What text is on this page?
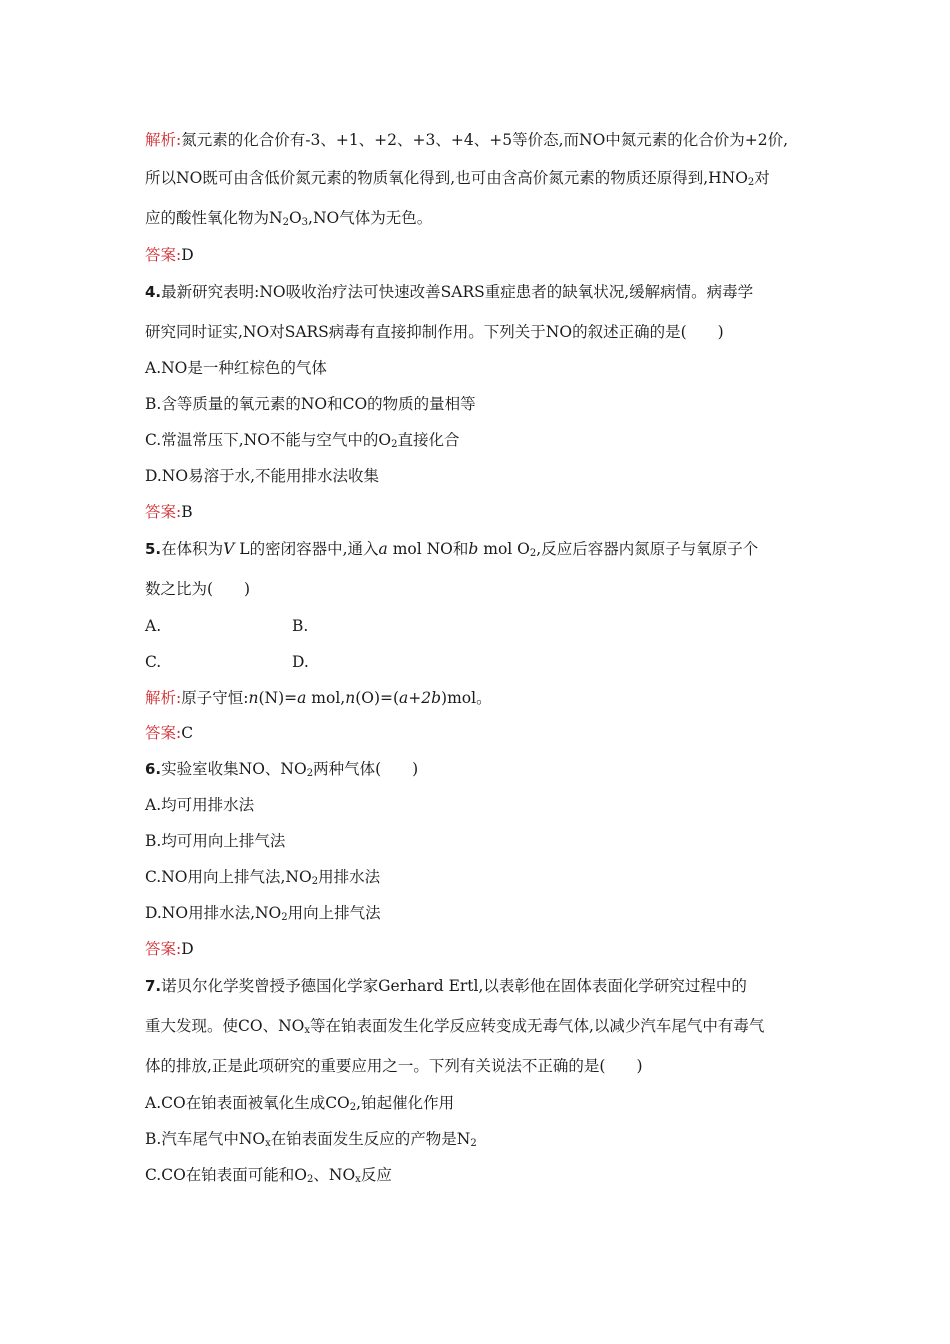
解析:氮元素的化合价有-3、+1、+2、+3、+4、+5等价态,而NO中氮元素的化合价为+2价,
所以NO既可由含低价氮元素的物质氧化得到,也可由含高价氮元素的物质还原得到$,HNO_2$对
应的酸性氧化物为$N_2O_3,NO$气体为无色。
答案:D
4.最新研究表明:NO吸收治疗法可快速改善SARS重症患者的缺氧状况,缓解病情。病毒学
研究同时证实,NO对SARS病毒有直接抑制作用。下列关于NO的叙述正确的是(　　)
A.NO是一种红棕色的气体
B.含等质量的氧元素的NO和CO的物质的量相等
C.常温常压下,NO不能与空气中的$O_2$直接化合
D.NO易溶于水,不能用排水法收集
答案:B
5.在体积为V L的密闭容器中,通入a mol NO和b mol $O_2$,反应后容器内氮原子与氧原子个
数之比为(　　)
A.	B.
C.	D.
解析:原子守恒:n(N)=a mol,n(O)=(a+2b)mol。
答案:C
6.实验室收集NO、$NO_2$两种气体(　　)
A.均可用排水法
B.均可用向上排气法
C.NO用向上排气法$,NO_2$用排水法
D.NO用排水法$,NO_2$用向上排气法
答案:D
7.诺贝尔化学奖曾授予德国化学家Gerhard Ertl,以表彰他在固体表面化学研究过程中的
重大发现。使CO、$NO_x$等在铂表面发生化学反应转变成无毒气体,以减少汽车尾气中有毒气
体的排放,正是此项研究的重要应用之一。下列有关说法不正确的是(　　)
A.CO在铂表面被氧化生成$CO_2$,铂起催化作用
B.汽车尾气中$NO_x$在铂表面发生反应的产物是$N_2$
C.CO在铂表面可能和$O_2$、$NO_x$反应
